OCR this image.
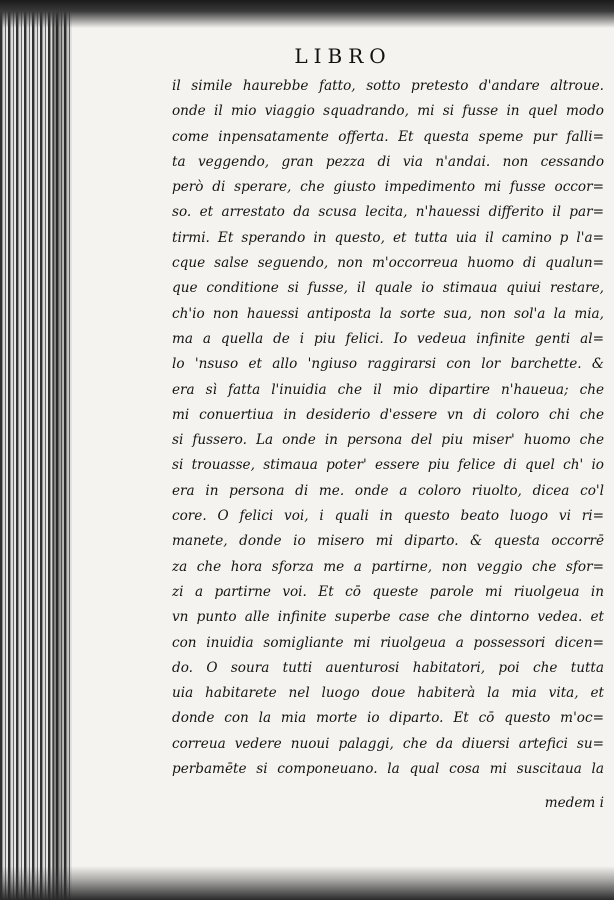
LIBRO
il simile haurebbe fatto, sotto pretesto d'andare altroue.
onde il mio viaggio squadrando, mi si fusse in quel modo
come inpensatamente offerta. Et questa speme pur falli=
ta veggendo, gran pezza di via n'andai. non cessando
però di sperare, che giusto impedimento mi fusse occor=
so. et arrestato da scusa lecita, n'hauessi differito il par=
tirmi. Et sperando in questo, et tutta uia il camino p l'a=
cque salse seguendo, non m'occorreua huomo di qualun=
que conditione si fusse, il quale io stimaua quiui restare,
ch'io non hauessi antiposta la sorte sua, non sol'a la mia,
ma a quella de i piu felici. Io vedeua infinite genti al=
lo 'nsuso et allo 'ngiuso raggirarsi con lor barchette. &
era sì fatta l'inuidia che il mio dipartire n'haueua; che
mi conuertiua in desiderio d'essere vn di coloro chi che
si fussero. La onde in persona del piu miser' huomo che
si trouasse, stimaua poter' essere piu felice di quel ch' io
era in persona di me. onde a coloro riuolto, dicea co'l
core. O felici voi, i quali in questo beato luogo vi ri=
manete, donde io misero mi diparto. & questa occorrē
za che hora sforza me a partirne, non veggio che sfor=
zi a partirne voi. Et cō queste parole mi riuolgeua in
vn punto alle infinite superbe case che dintorno vedea. et
con inuidia somigliante mi riuolgeua a possessori dicen=
do. O soura tutti auenturosi habitatori, poi che tutta
uia habitarete nel luogo doue habiterà la mia vita, et
donde con la mia morte io diparto. Et cō questo m'oc=
correua vedere nuoui palaggi, che da diuersi artefici su=
perbamēte si componeuano. la qual cosa mi suscitaua la
medem i
